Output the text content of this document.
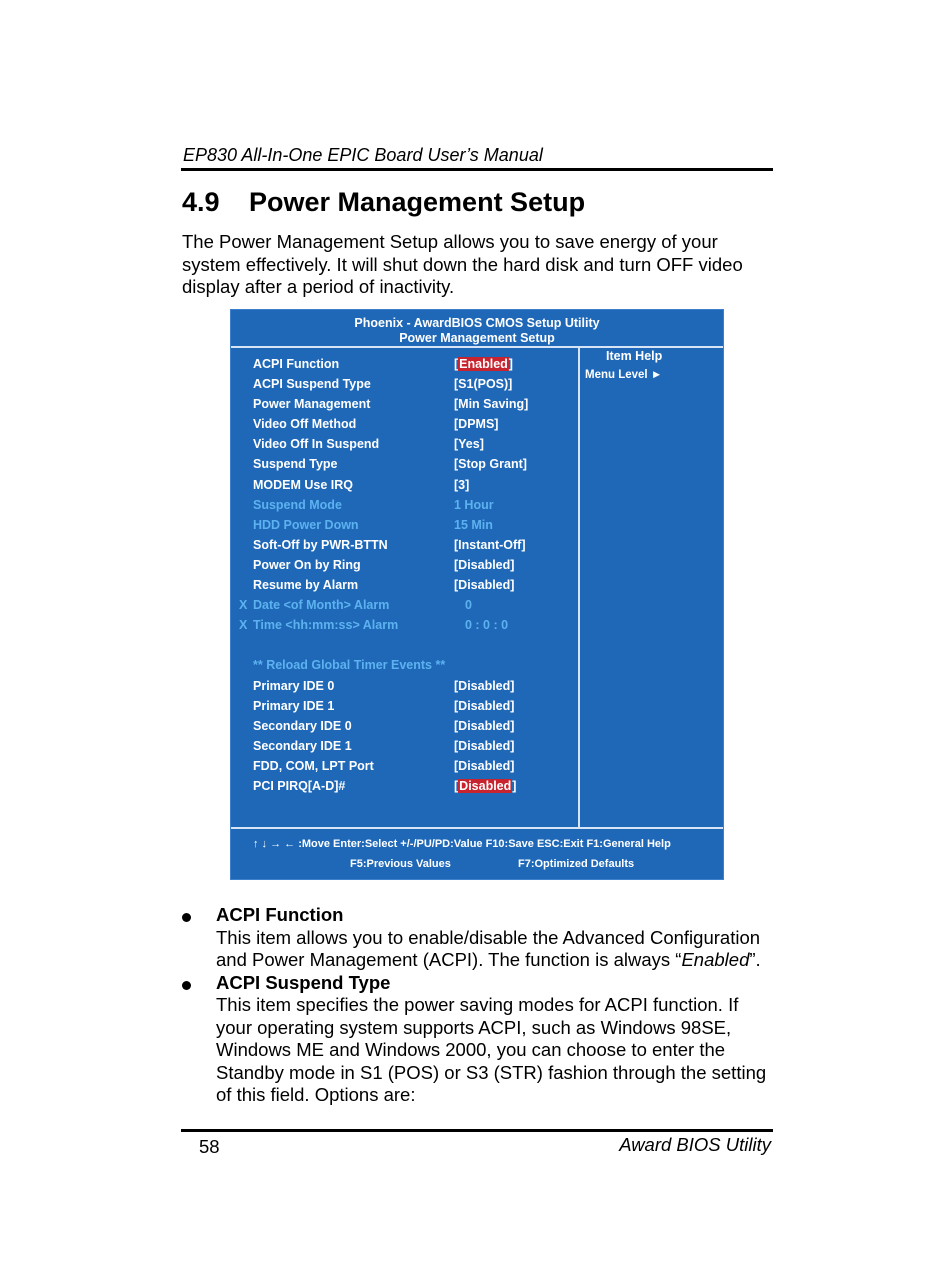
EP830 All-In-One EPIC Board User’s Manual
4.9 Power Management Setup
The Power Management Setup allows you to save energy of your system effectively. It will shut down the hard disk and turn OFF video display after a period of inactivity.
Phoenix - AwardBIOS CMOS Setup Utility
Power Management Setup
ACPI Function	[Enabled]
ACPI Suspend Type	[S1(POS)]
Power Management	[Min Saving]
Video Off Method	[DPMS]
Video Off In Suspend	[Yes]
Suspend Type	[Stop Grant]
MODEM Use IRQ	[3]
Suspend Mode	1 Hour
HDD Power Down	15 Min
Soft-Off by PWR-BTTN	[Instant-Off]
Power On by Ring	[Disabled]
Resume by Alarm	[Disabled]
X Date <of Month> Alarm	0
X Time <hh:mm:ss> Alarm	0 : 0 : 0
** Reload Global Timer Events **
Primary IDE 0	[Disabled]
Primary IDE 1	[Disabled]
Secondary IDE 0	[Disabled]
Secondary IDE 1	[Disabled]
FDD, COM, LPT Port	[Disabled]
PCI PIRQ[A-D]#	[Disabled]
Item Help
Menu Level ►
↑ ↓ → ← :Move Enter:Select +/-/PU/PD:Value F10:Save ESC:Exit F1:General Help
F5:Previous Values	F7:Optimized Defaults
ACPI Function
This item allows you to enable/disable the Advanced Configuration and Power Management (ACPI). The function is always “Enabled”.
ACPI Suspend Type
This item specifies the power saving modes for ACPI function. If your operating system supports ACPI, such as Windows 98SE, Windows ME and Windows 2000, you can choose to enter the Standby mode in S1 (POS) or S3 (STR) fashion through the setting of this field. Options are:
58	Award BIOS Utility
